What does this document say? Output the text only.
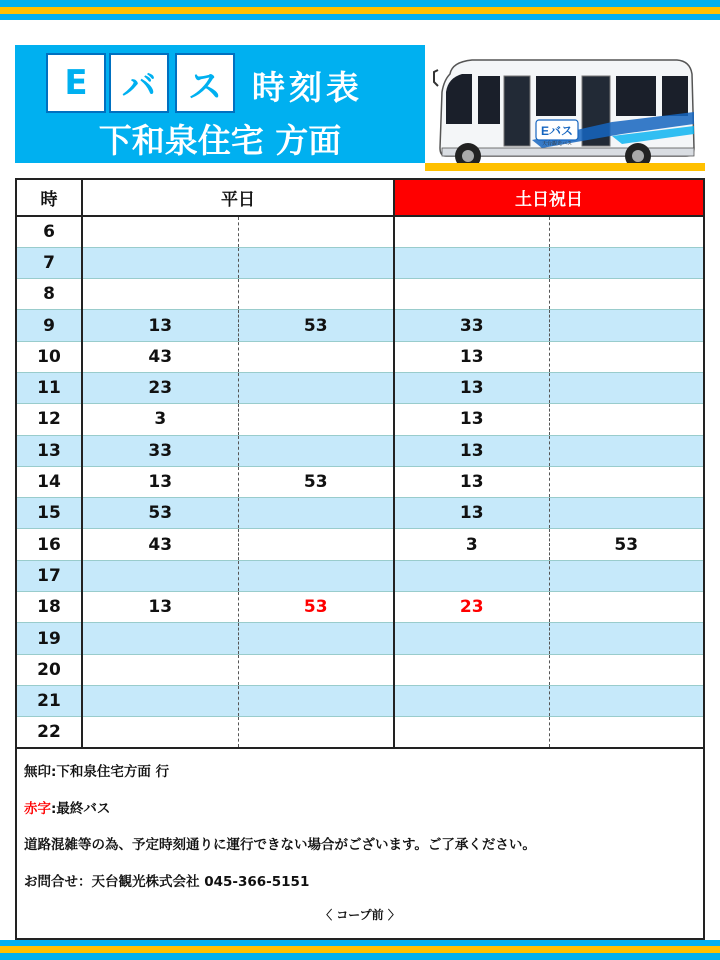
E	バ ス 時刻表
下和泉住宅 方面	Eバス
天台観光バス
時	平日		土日祝日	
6				
7				
8				
9	13	53	33	
10	43		13	
11	23		13	
12	3		13	
13	33		13	
14	13	53	13	
15	53		13	
16	43		3	53
17				
18	13	53	23	
19				
20				
21				
22				
無印:下和泉住宅方面 行
赤字:最終バス
道路混雑等の為、予定時刻通りに運行できない場合がございます。ご了承ください。
お問合せ：天台観光株式会社 045-366-5151
〈 コープ前 〉
